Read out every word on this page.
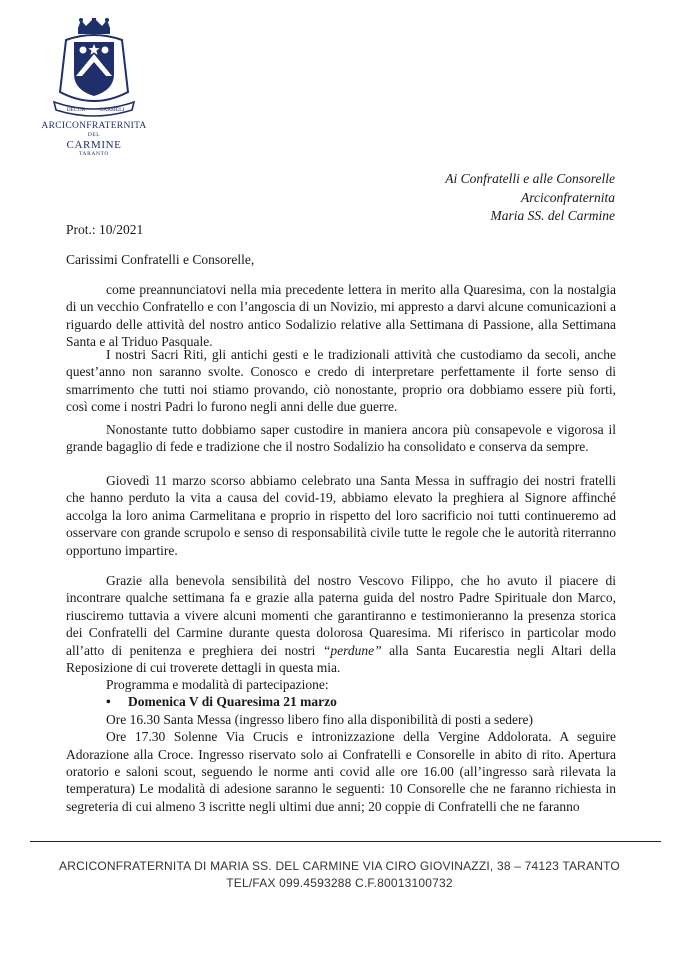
DECOR	CARMELI
ARCICONFRATERNITA
DEL
CARMINE
TARANTO
Ai Confratelli e alle Consorelle
Arciconfraternita
Maria SS. del Carmine
Prot.: 10/2021
Carissimi Confratelli e Consorelle,

come preannunciatovi nella mia precedente lettera in merito alla Quaresima, con la nostalgia di un vecchio Confratello e con l’angoscia di un Novizio, mi appresto a darvi alcune comunicazioni a riguardo delle attività del nostro antico Sodalizio relative alla Settimana di Passione, alla Settimana Santa e al Triduo Pasquale.

I nostri Sacri Riti, gli antichi gesti e le tradizionali attività che custodiamo da secoli, anche quest’anno non saranno svolte. Conosco e credo di interpretare perfettamente il forte senso di smarrimento che tutti noi stiamo provando, ciò nonostante, proprio ora dobbiamo essere più forti, così come i nostri Padri lo furono negli anni delle due guerre.

Nonostante tutto dobbiamo saper custodire in maniera ancora più consapevole e vigorosa il grande bagaglio di fede e tradizione che il nostro Sodalizio ha consolidato e conserva da sempre.

Giovedì 11 marzo scorso abbiamo celebrato una Santa Messa in suffragio dei nostri fratelli che hanno perduto la vita a causa del covid-19, abbiamo elevato la preghiera al Signore affinché accolga la loro anima Carmelitana e proprio in rispetto del loro sacrificio noi tutti continueremo ad osservare con grande scrupolo e senso di responsabilità civile tutte le regole che le autorità riterranno opportuno impartire.

Grazie alla benevola sensibilità del nostro Vescovo Filippo, che ho avuto il piacere di incontrare qualche settimana fa e grazie alla paterna guida del nostro Padre Spirituale don Marco, riusciremo tuttavia a vivere alcuni momenti che garantiranno e testimonieranno la presenza storica dei Confratelli del Carmine durante questa dolorosa Quaresima. Mi riferisco in particolar modo all’atto di penitenza e preghiera dei nostri “perdune” alla Santa Eucarestia negli Altari della Reposizione di cui troverete dettagli in questa mia.

Programma e modalità di partecipazione:
• Domenica V di Quaresima 21 marzo
Ore 16.30 Santa Messa (ingresso libero fino alla disponibilità di posti a sedere)
Ore 17.30 Solenne Via Crucis e intronizzazione della Vergine Addolorata. A seguire Adorazione alla Croce. Ingresso riservato solo ai Confratelli e Consorelle in abito di rito. Apertura oratorio e saloni scout, seguendo le norme anti covid alle ore 16.00 (all’ingresso sarà rilevata la temperatura) Le modalità di adesione saranno le seguenti: 10 Consorelle che ne faranno richiesta in segreteria di cui almeno 3 iscritte negli ultimi due anni; 20 coppie di Confratelli che ne faranno
ARCICONFRATERNITA DI MARIA SS. DEL CARMINE VIA CIRO GIOVINAZZI, 38 – 74123 TARANTO
TEL/FAX 099.4593288 C.F.80013100732
